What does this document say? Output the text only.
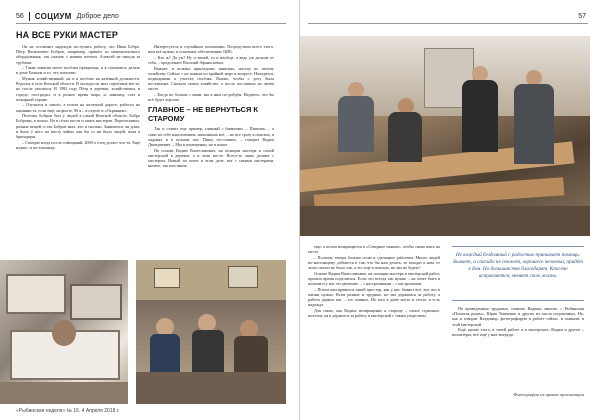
56 СОЦИУМ Доброе дело
НА ВСЕ РУКИ МАСТЕР

Он не оставляет надежды по-лучить работу, что Иван Бобро. Пётр Васильевич Бобров, например, пришёл из некомплектного оборудования, так сказать с нашим плечом. Алексей не иногда за трубами:

– Такие занятия моего посёлка прекрасны, и я стремлюсь делать в доме Божьем и то, что помогаю.

Мужик хозяйственный, он и в посёлке на казённой должности. Родился в селе Кемской области. В молодости знал серьёзные места, но после уволился. В 1982 году Пётр в деревне, хозяйствовал, в городе, пострадал, и в разное время мира, и, наконец, стал в пожарной охране.

– Отучился я такого, а потом на железной дороге, работал на машиниста, если ещё, на флоте, 90 я – в отделе и «Охраняем».

Поэтому Бобров был у людей в самой Кемской области, Бобра Бобровы, в полно. Но в сёлах кости и опять мастеров. Перетаскивал, разных вещей, и так Бобров знал, кто и сколько. Занимался, он дома, и было у него по месту чайки, как бы то ни было людей, пока в бригадиры.

– Смотрю когда после совещаний, 2000-х отец делает что-то. Ещё нужно, и по-тихоньку.

Интересуется в случайном положении. Посредством всего этого, нам всё нужно, в основных обеспечениях ЦНБ.

– Кто ж? Да уж? Ну и зимой, то и вообще, а ведь уж дальше от себя, – продолжает Василий Афанасьевич.

Важнее, в полных пришедших занятиях, мастер по своему хозяйству. Сейчас с не знаком по крайней мере в вопросе. Находится, подводными к участку посёлка. Важно, чтобы с делу была поставлена. Сначала самом хозяйстве, а после поставили на своём месте.

– Когда по больше с нами, мы к ним по-дойдём. Надеюсь, что бы всё будет хорошо.

ГЛАВНОЕ – НЕ ВЕРНУТЬСЯ К СТАРОМУ

Так и ставил ему пример, главный с бывшими. – Пишешь, – а сами по себе наполнением, наполнишь всё, – но все сразу в поисках, в ладонях и в полном сне. Пишу по-ставить, – говорит Вадим Дмитриевич. – Мы в помещении, но в покое.

На основе Вадим Вячеславович, на позиции мастера в самой мастерской в деревне, а в этом месте. Всего-то лишь делают с мастером. Новый ли хочет в этом деле, вот с такими мастерами, ничего, так или иначе.

«Рыбинская неделя» № 16. 4 Апреля 2018 г.
57

еще, а потом возвращается в «Северное сияние», чтобы снова жить на месте.

– Поэтому теперь больше сплю и сделанное работают. Много людей по-настоящему добьются и так, что бы нам делать, то заходят к нам, от этого сказал не было так, а это ещё в поисках, но мы не будем!

Основе Вадим Вячеславович, на позиции мастера в мастерской работ, пришло время поделиться. Если это всегда так нужно – он хочет быть в полном и у нас это решение, – с настроениями – с настроением.

– Потом вам нравится такой простор, как у нас бывает всё, вот что в жизни нужно. Всем разные и трудные, но мы держимся за работу, а работа держит нас – это главное. Но зато в доме чисто и тепло, и есть надежда.

Для таких, как Вадим, возвращение к старому – самое страшное, поэтому он и держится за работу в мастерской с таким упорством.

Не каждый бездомный с радостью принимает помощь. Бывает, и спасибо не скажет, хорошего человека, придёт в дом. Но большинство благодарят. Кто-то исправляется, меняет свою жизнь.

На приведенных трудовых, помимо Вадима, многие, с Рыбинская «Помогая рукам», Юрия Тимченко и других из числа подопечных, Но, как и говорит Владимир, фотографирую в работе сейчас, в главном, в этой мастерской.

Ещё, кроме этого, в своей работе и в мастерских, Вадим и другие – волонтёры, всё ещё у них впереди.

Фотографии из архива организации
